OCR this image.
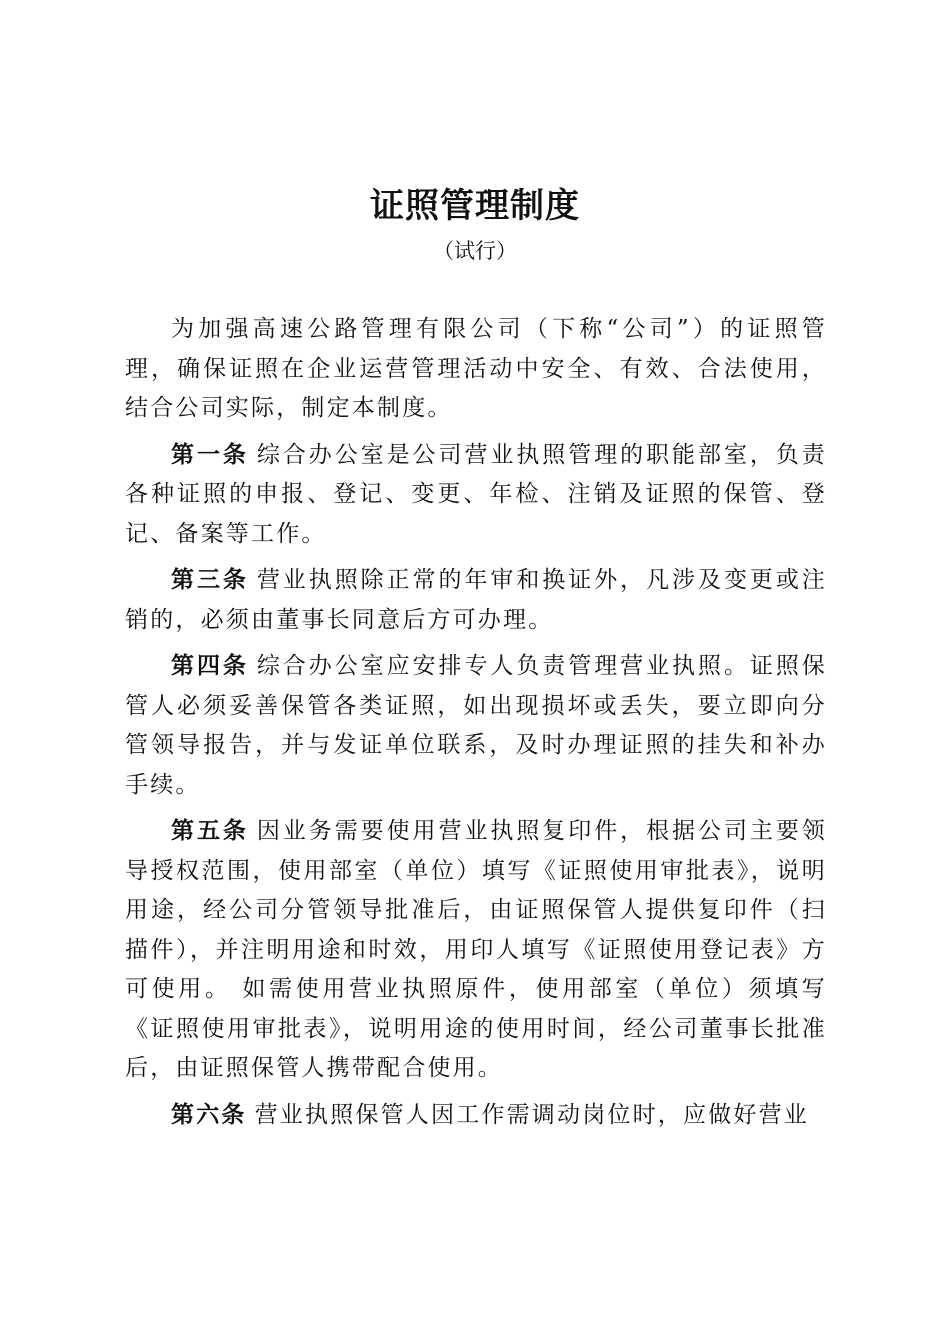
证照管理制度
（试行）

为加强高速公路管理有限公司（下称“公司”）的证照管理，确保证照在企业运营管理活动中安全、有效、合法使用，结合公司实际，制定本制度。

第一条 综合办公室是公司营业执照管理的职能部室，负责各种证照的申报、登记、变更、年检、注销及证照的保管、登记、备案等工作。

第三条 营业执照除正常的年审和换证外，凡涉及变更或注销的，必须由董事长同意后方可办理。

第四条 综合办公室应安排专人负责管理营业执照。证照保管人必须妥善保管各类证照，如出现损坏或丢失，要立即向分管领导报告，并与发证单位联系，及时办理证照的挂失和补办手续。

第五条 因业务需要使用营业执照复印件，根据公司主要领导授权范围，使用部室（单位）填写《证照使用审批表》，说明用途，经公司分管领导批准后，由证照保管人提供复印件（扫描件），并注明用途和时效，用印人填写《证照使用登记表》方可使用。 如需使用营业执照原件，使用部室（单位）须填写《证照使用审批表》，说明用途的使用时间，经公司董事长批准后，由证照保管人携带配合使用。

第六条 营业执照保管人因工作需调动岗位时，应做好营业
